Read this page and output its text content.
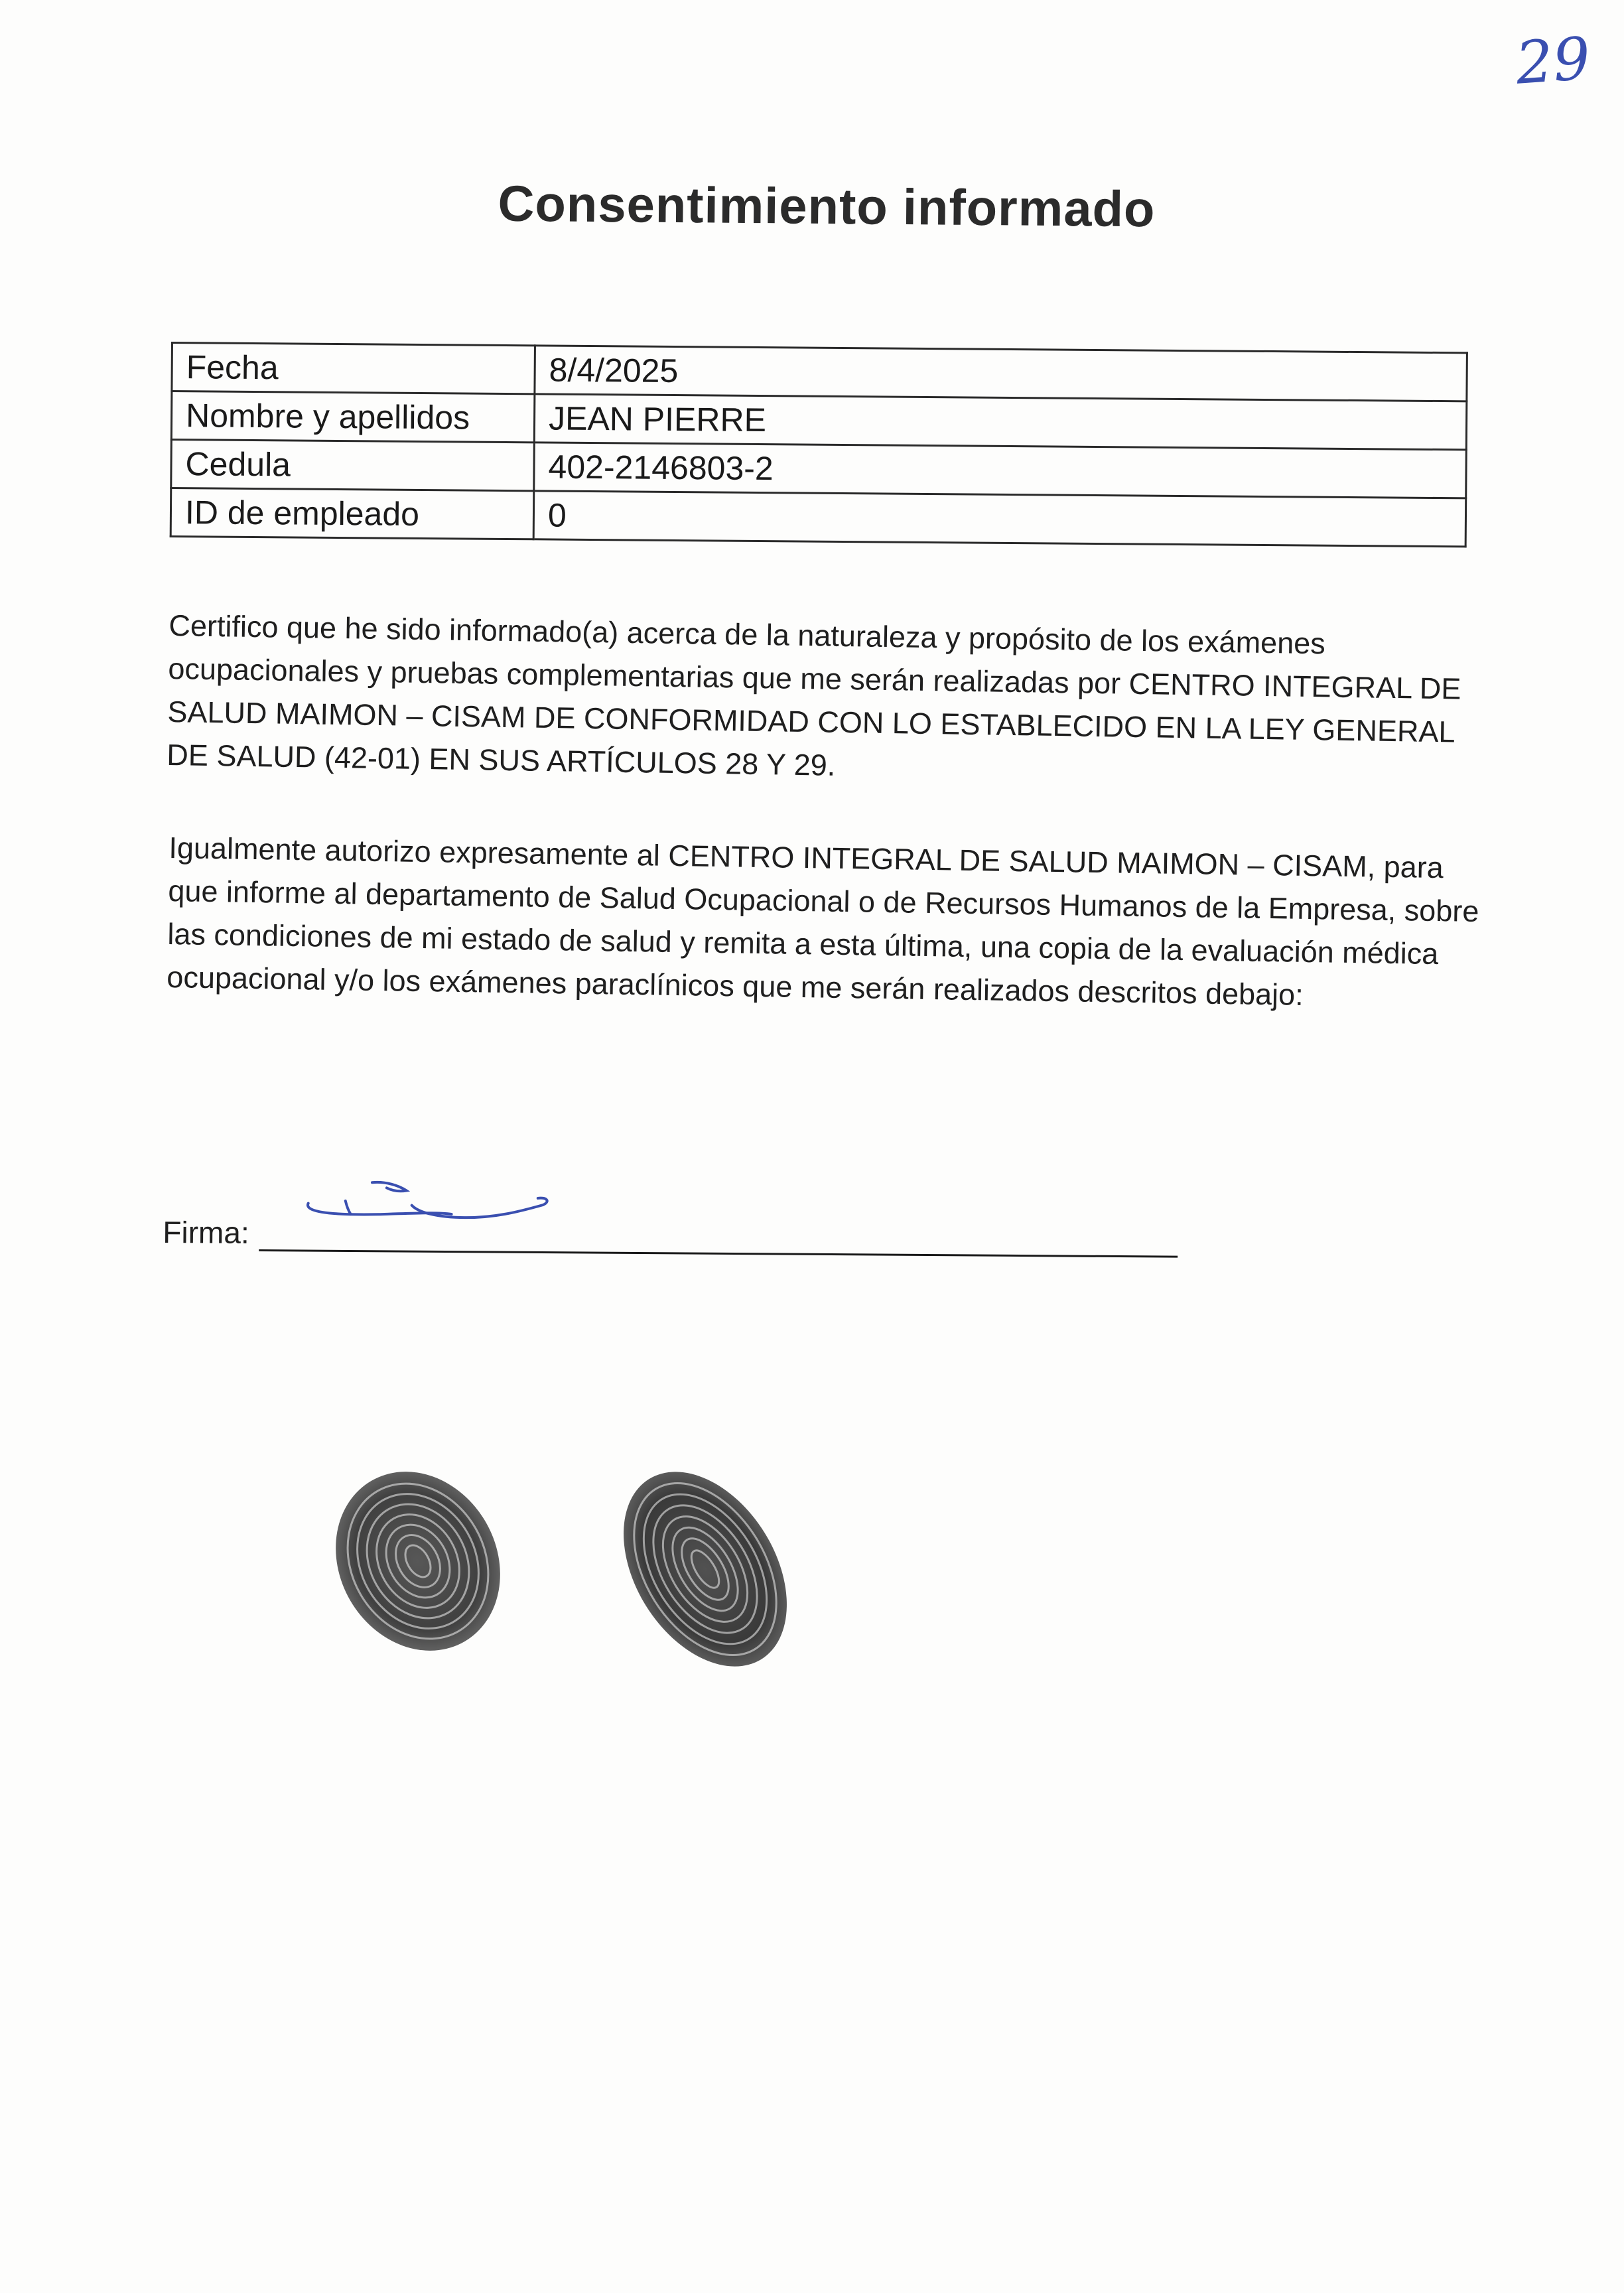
29
Consentimiento informado
Fecha	8/4/2025
Nombre y apellidos	JEAN PIERRE
Cedula	402-2146803-2
ID de empleado	0
Certifico que he sido informado(a) acerca de la naturaleza y propósito de los exámenes ocupacionales y pruebas complementarias que me serán realizadas por CENTRO INTEGRAL DE SALUD MAIMON – CISAM DE CONFORMIDAD CON LO ESTABLECIDO EN LA LEY GENERAL DE SALUD (42-01) EN SUS ARTÍCULOS 28 Y 29.
Igualmente autorizo expresamente al CENTRO INTEGRAL DE SALUD MAIMON – CISAM, para que informe al departamento de Salud Ocupacional o de Recursos Humanos de la Empresa, sobre las condiciones de mi estado de salud y remita a esta última, una copia de la evaluación médica ocupacional y/o los exámenes paraclínicos que me serán realizados descritos debajo:
Firma:
